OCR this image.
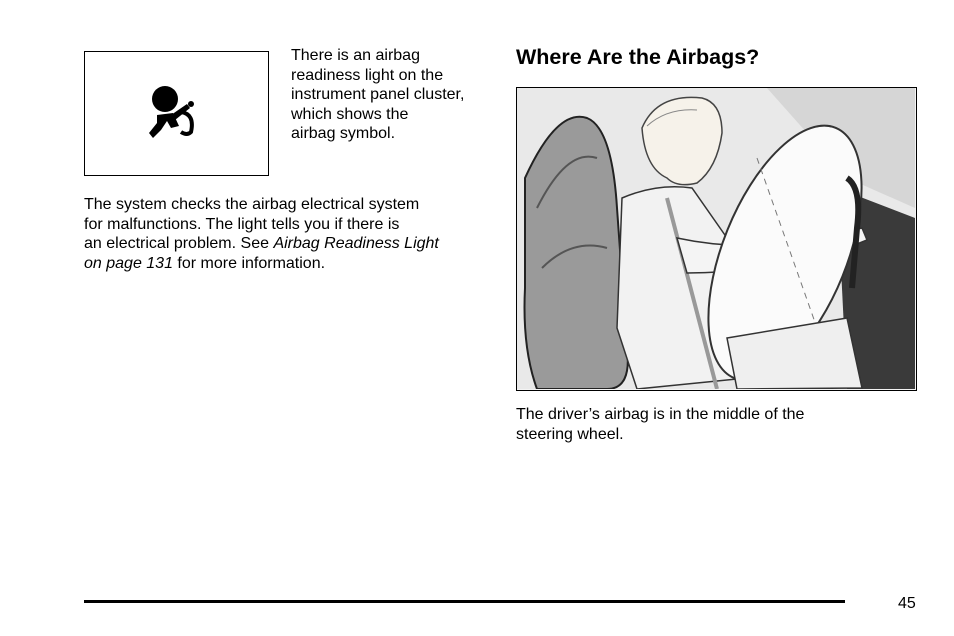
There is an airbag
readiness light on the
instrument panel cluster,
which shows the
airbag symbol.
The system checks the airbag electrical system
for malfunctions. The light tells you if there is
an electrical problem. See Airbag Readiness Light
on page 131 for more information.
Where Are the Airbags?
The driver’s airbag is in the middle of the
steering wheel.
45
